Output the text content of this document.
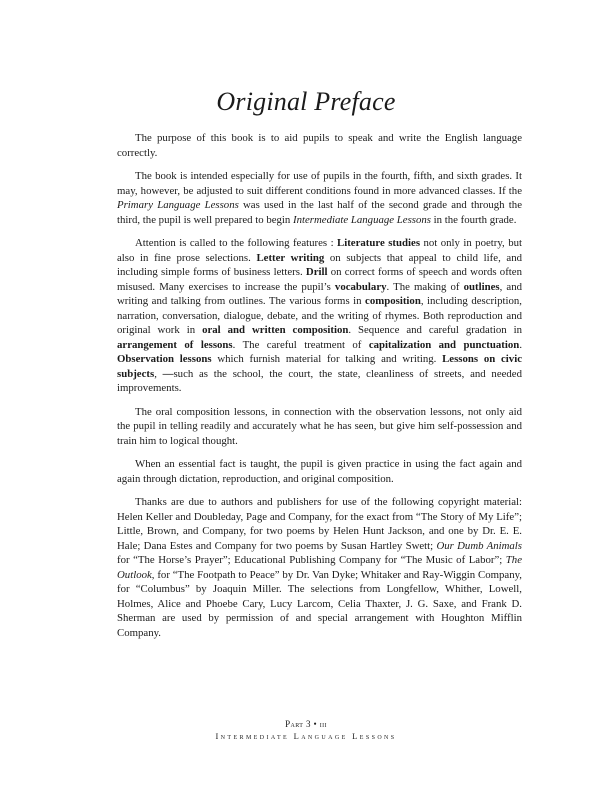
Original Preface

The purpose of this book is to aid pupils to speak and write the English language correctly.

The book is intended especially for use of pupils in the fourth, fifth, and sixth grades. It may, however, be adjusted to suit different conditions found in more advanced classes. If the Primary Language Lessons was used in the last half of the second grade and through the third, the pupil is well prepared to begin Intermediate Language Lessons in the fourth grade.

Attention is called to the following features : Literature studies not only in poetry, but also in fine prose selections. Letter writing on subjects that appeal to child life, and including simple forms of business letters. Drill on correct forms of speech and words often misused. Many exercises to increase the pupil’s vocabulary. The making of outlines, and writing and talking from outlines. The various forms in composition, including description, narration, conversation, dialogue, debate, and the writing of rhymes. Both reproduction and original work in oral and written composition. Sequence and careful gradation in arrangement of lessons. The careful treatment of capitalization and punctuation. Observation lessons which furnish material for talking and writing. Lessons on civic subjects, —such as the school, the court, the state, cleanliness of streets, and needed improvements.

The oral composition lessons, in connection with the observation lessons, not only aid the pupil in telling readily and accurately what he has seen, but give him self-possession and train him to logical thought.

When an essential fact is taught, the pupil is given practice in using the fact again and again through dictation, reproduction, and original composition.

Thanks are due to authors and publishers for use of the following copyright material: Helen Keller and Doubleday, Page and Company, for the exact from “The Story of My Life”; Little, Brown, and Company, for two poems by Helen Hunt Jackson, and one by Dr. E. E. Hale; Dana Estes and Company for two poems by Susan Hartley Swett; Our Dumb Animals for “The Horse’s Prayer”; Educational Publishing Company for “The Music of Labor”; The Outlook, for “The Footpath to Peace” by Dr. Van Dyke; Whitaker and Ray-Wiggin Company, for “Columbus” by Joaquin Miller. The selections from Longfellow, Whither, Lowell, Holmes, Alice and Phoebe Cary, Lucy Larcom, Celia Thaxter, J. G. Saxe, and Frank D. Sherman are used by permission of and special arrangement with Houghton Mifflin Company.

Part 3 • iii
Intermediate Language Lessons
